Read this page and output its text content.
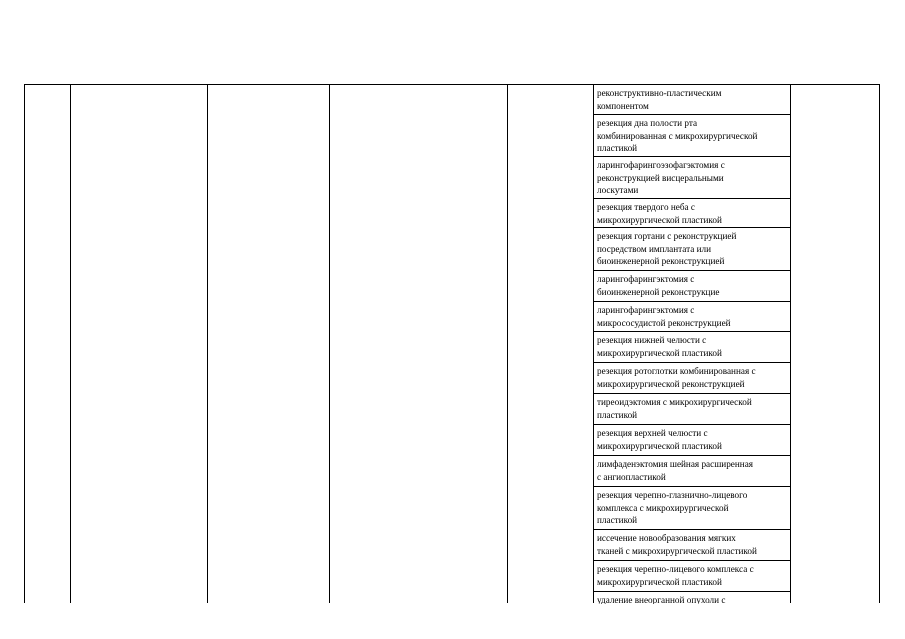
реконструктивно-пластическим
компонентом
резекция дна полости рта
комбинированная с микрохирургической
пластикой
ларингофарингоэзофагэктомия с
реконструкцией висцеральными
лоскутами
резекция твердого неба с
микрохирургической пластикой
резекция гортани с реконструкцией
посредством имплантата или
биоинженерной реконструкцией
ларингофарингэктомия с
биоинженерной реконструкцие
ларингофарингэктомия с
микрососудистой реконструкцией
резекция нижней челюсти с
микрохирургической пластикой
резекция ротоглотки комбинированная с
микрохирургической реконструкцией
тиреоидэктомия с микрохирургической
пластикой
резекция верхней челюсти с
микрохирургической пластикой
лимфаденэктомия шейная расширенная
с ангиопластикой
резекция черепно-глазнично-лицевого
комплекса с микрохирургической
пластикой
иссечение новообразования мягких
тканей с микрохирургической пластикой
резекция черепно-лицевого комплекса с
микрохирургической пластикой
удаление внеорганной опухоли с
